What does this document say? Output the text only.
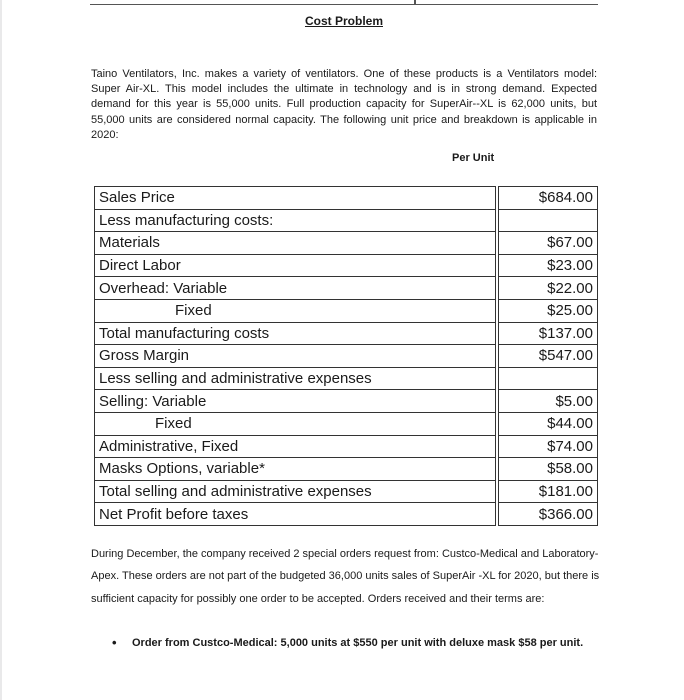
Cost Problem
Taino Ventilators, Inc. makes a variety of ventilators. One of these products is a Ventilators model: Super Air-XL. This model includes the ultimate in technology and is in strong demand. Expected demand for this year is 55,000 units. Full production capacity for SuperAir--XL is 62,000 units, but 55,000 units are considered normal capacity. The following unit price and breakdown is applicable in 2020:
Per Unit
Sales Price		$684.00
Less manufacturing costs:		
Materials		$67.00
Direct Labor		$23.00
Overhead: Variable		$22.00
Fixed		$25.00
Total manufacturing costs		$137.00
Gross Margin		$547.00
Less selling and administrative expenses		
Selling: Variable		$5.00
Fixed		$44.00
Administrative, Fixed		$74.00
Masks Options, variable*		$58.00
Total selling and administrative expenses		$181.00
Net Profit before taxes		$366.00
During December, the company received 2 special orders request from: Custco-Medical and Laboratory-Apex. These orders are not part of the budgeted 36,000 units sales of SuperAir -XL for 2020, but there is sufficient capacity for possibly one order to be accepted. Orders received and their terms are:
• Order from Custco-Medical: 5,000 units at $550 per unit with deluxe mask $58 per unit.
